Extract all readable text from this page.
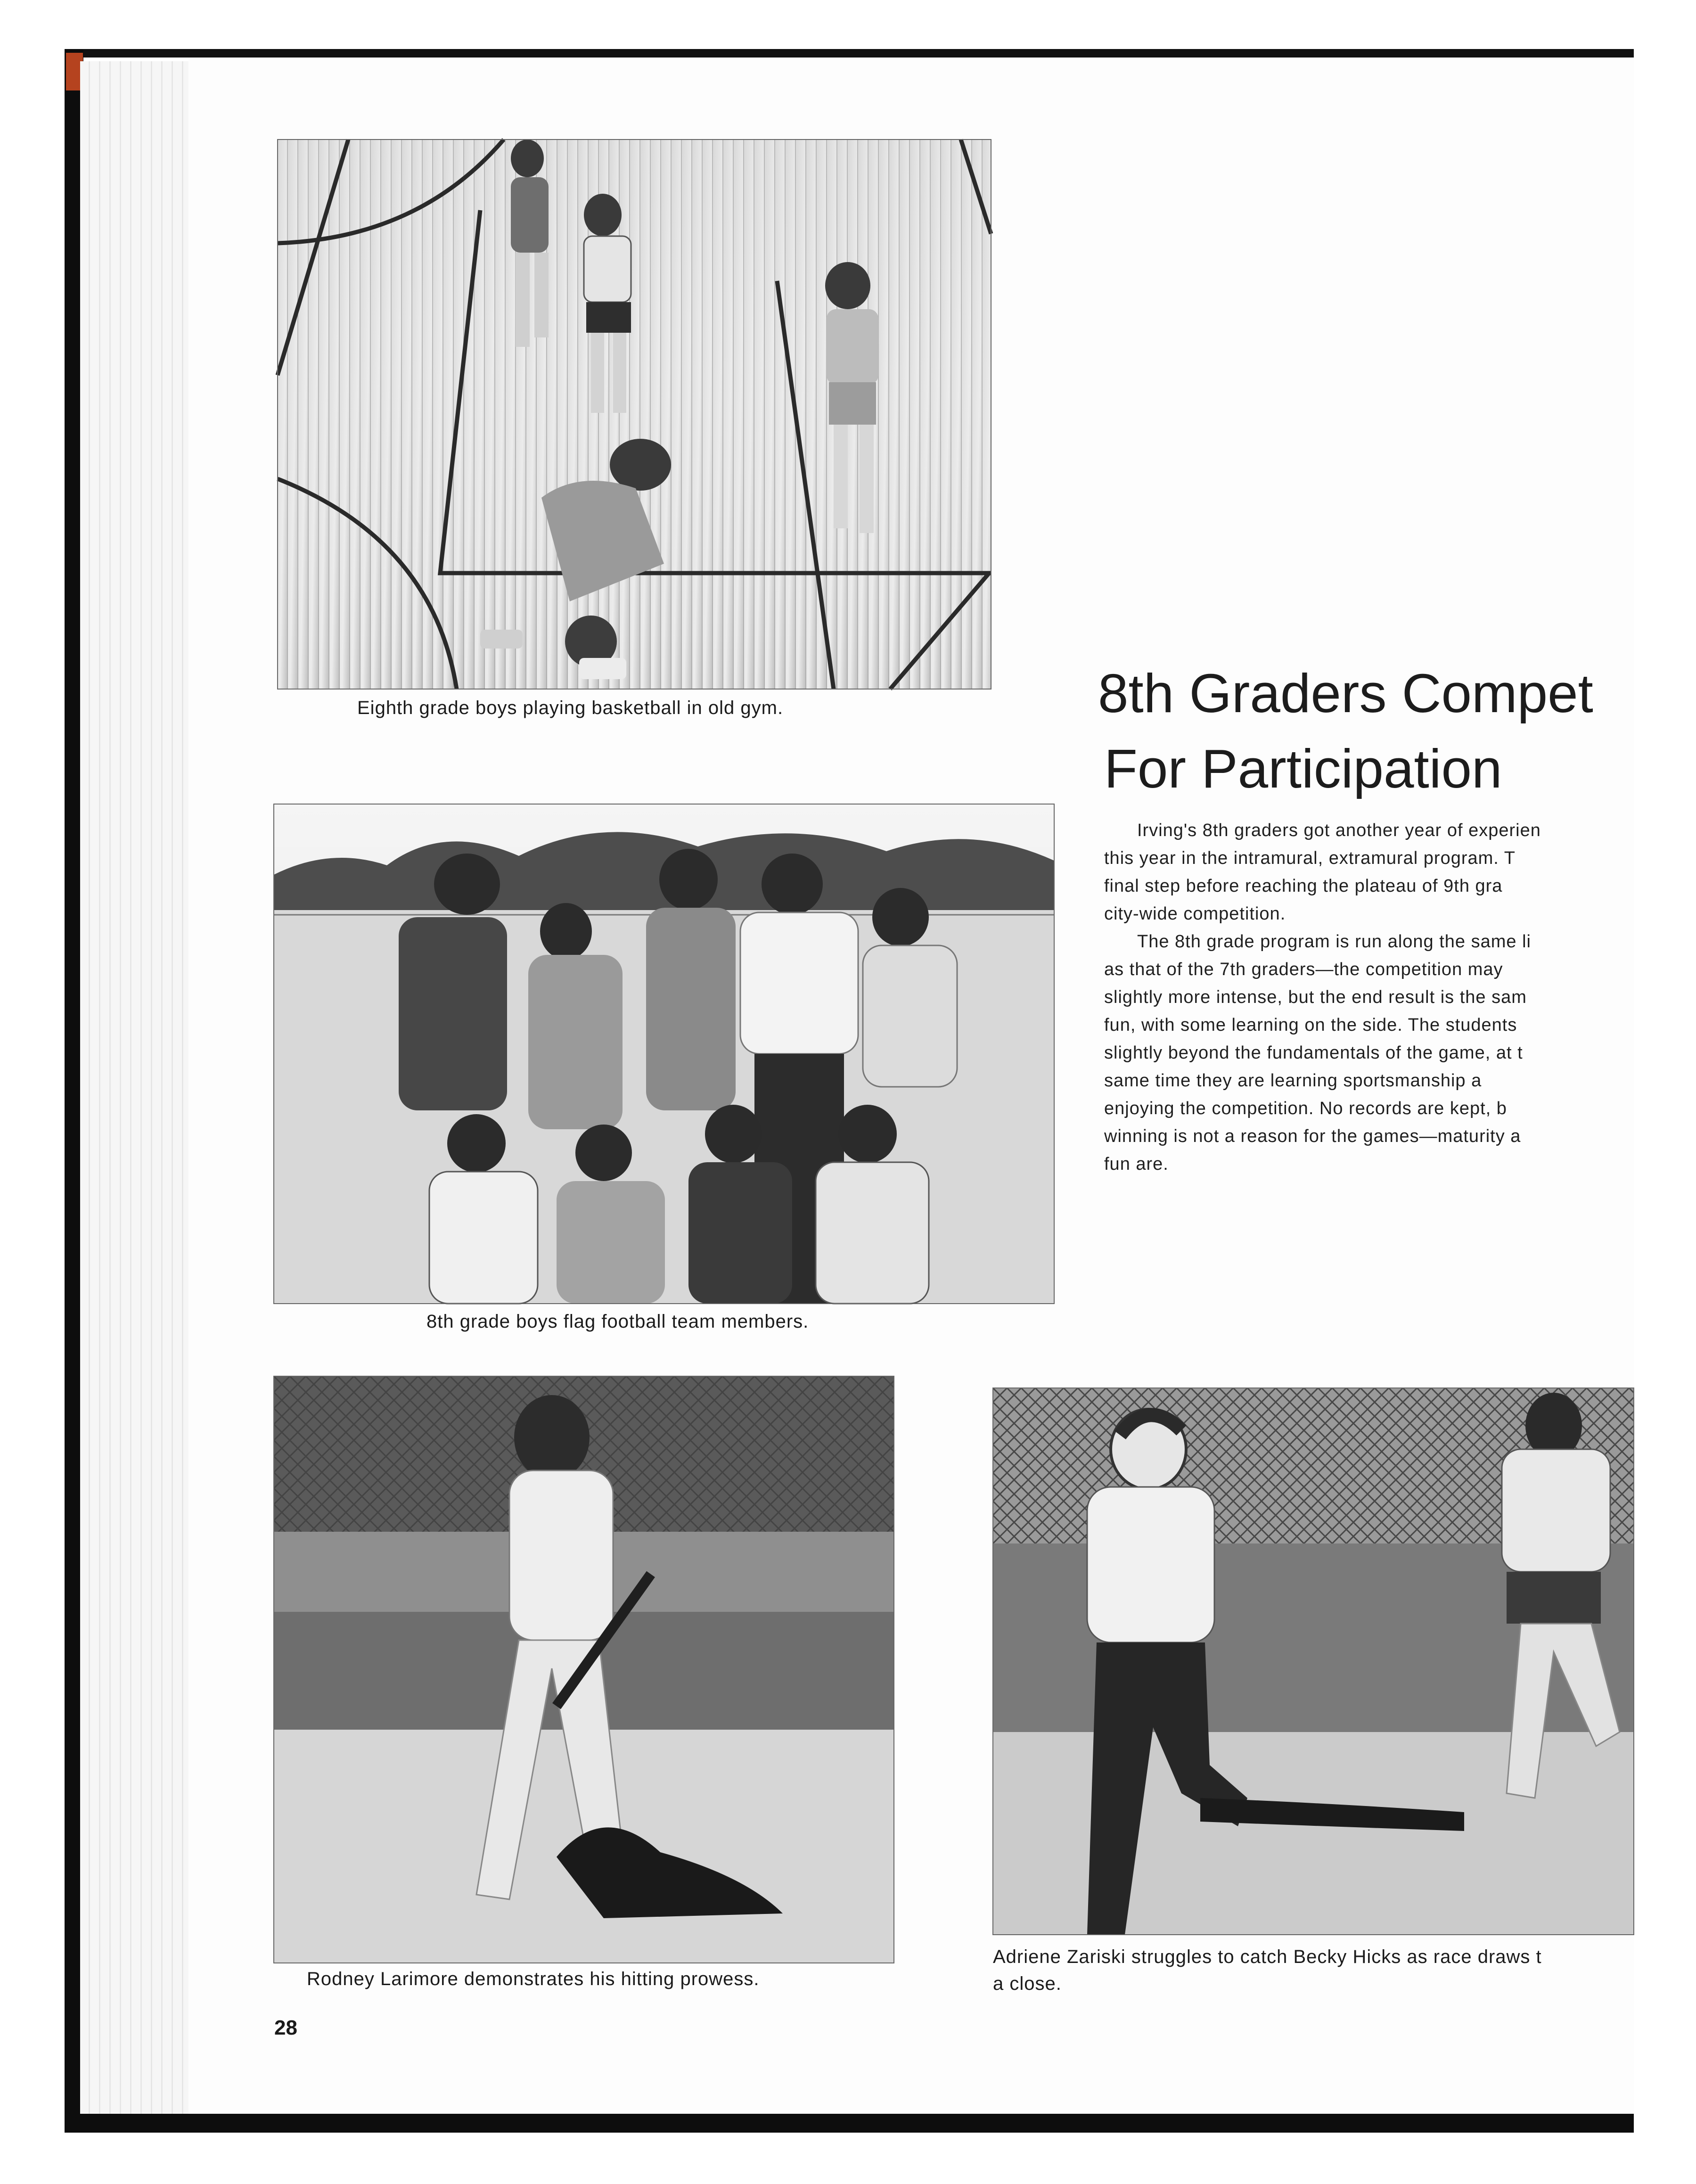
Eighth grade boys playing basketball in old gym.
8th grade boys flag football team members.
Rodney Larimore demonstrates his hitting prowess.
Adriene Zariski struggles to catch Becky Hicks as race draws t
a close.
8th Graders Compet
For Participation

Irving's 8th graders got another year of experien

this year in the intramural, extramural program. T

final step before reaching the plateau of 9th gra

city-wide competition.

The 8th grade program is run along the same li

as that of the 7th graders—the competition may

slightly more intense, but the end result is the sam

fun, with some learning on the side. The students

slightly beyond the fundamentals of the game, at t

same time they are learning sportsmanship a

enjoying the competition. No records are kept, b

winning is not a reason for the games—maturity a

fun are.

28
